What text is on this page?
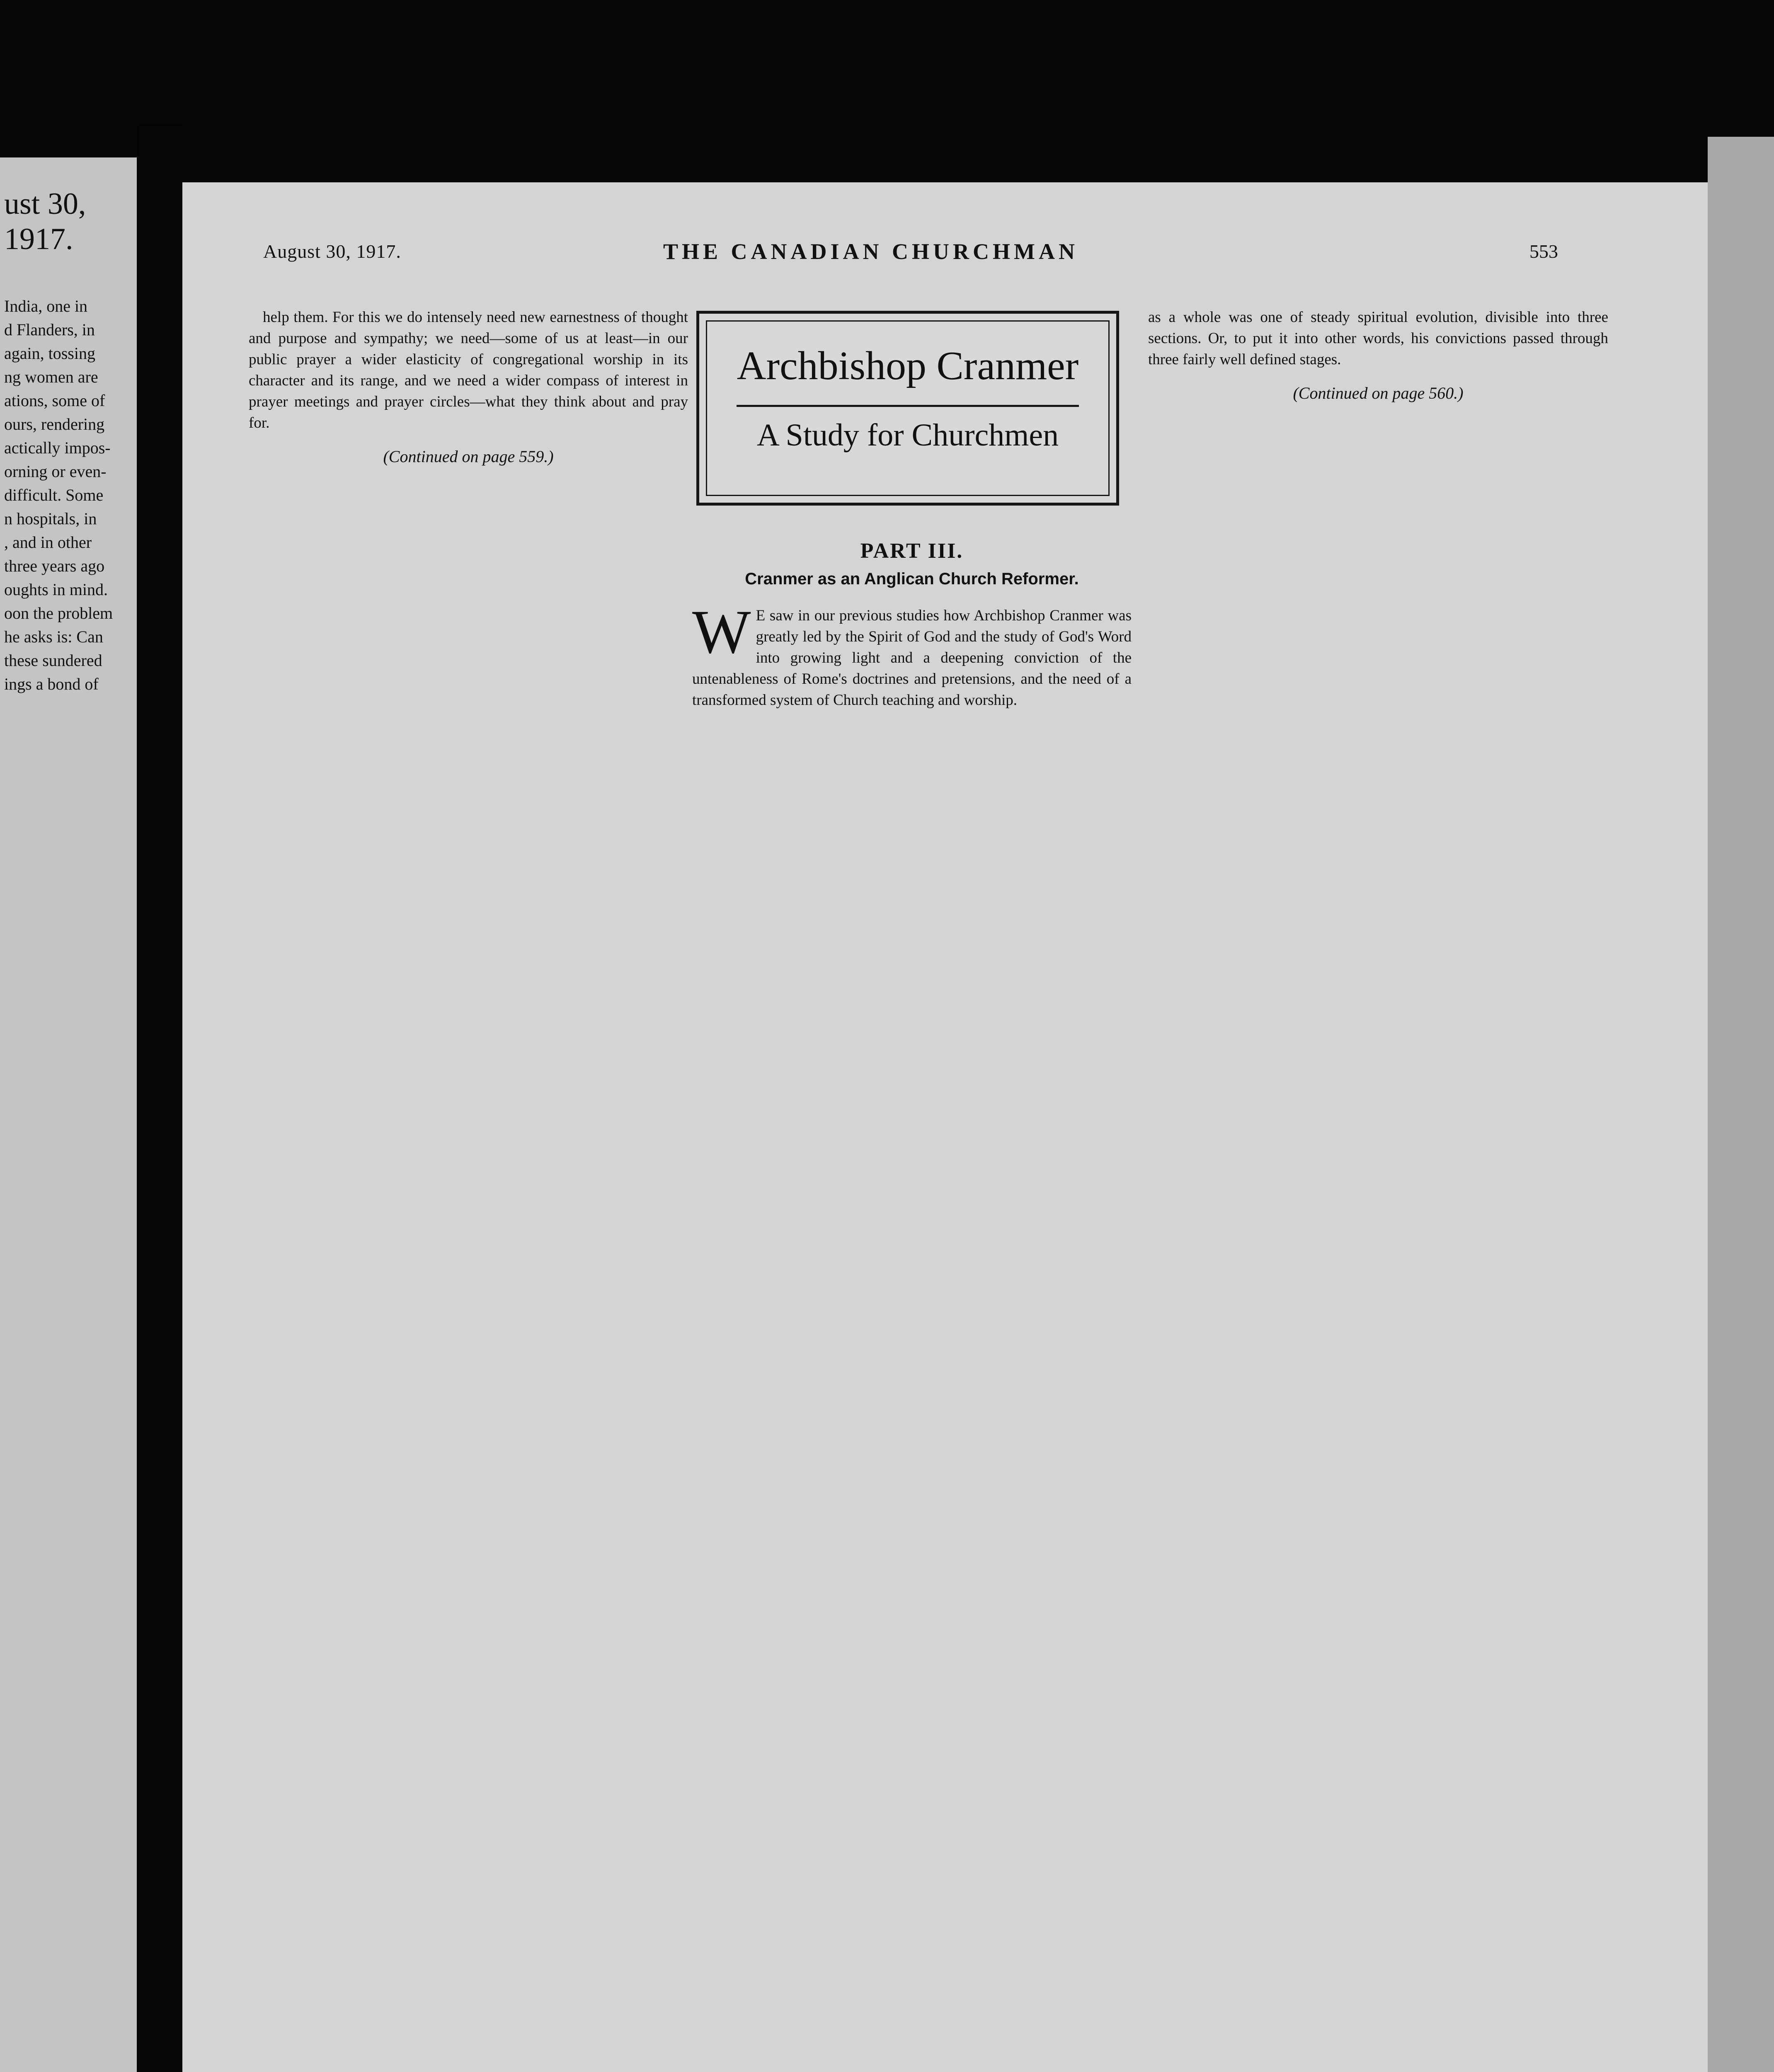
ust 30, 1917.
India, one in
d Flanders, in
again, tossing
ng women are
ations, some of
ours, rendering
actically impos-
orning or even-
difficult. Some
n hospitals, in
, and in other
three years ago
oughts in mind.
oon the problem
he asks is: Can
these sundered
ings a bond of
August 30, 1917.	THE CANADIAN CHURCHMAN	553

help them. For this we do intensely need new earnestness of thought and purpose and sympathy; we need—some of us at least—in our public prayer a wider elasticity of congregational worship in its character and its range, and we need a wider compass of interest in prayer meetings and prayer circles—what they think about and pray for.

(Continued on page 559.)
Archbishop Cranmer
A Study for Churchmen
PART III.
Cranmer as an Anglican Church Reformer.
W E saw in our previous studies how Archbishop Cranmer was greatly led by the Spirit of God and the study of God's Word into growing light and a deepening conviction of the untenableness of Rome's doctrines and pretensions, and the need of a transformed system of Church teaching and worship.

as a whole was one of steady spiritual evolution, divisible into three sections. Or, to put it into other words, his convictions passed through three fairly well defined stages.

(Continued on page 560.)
